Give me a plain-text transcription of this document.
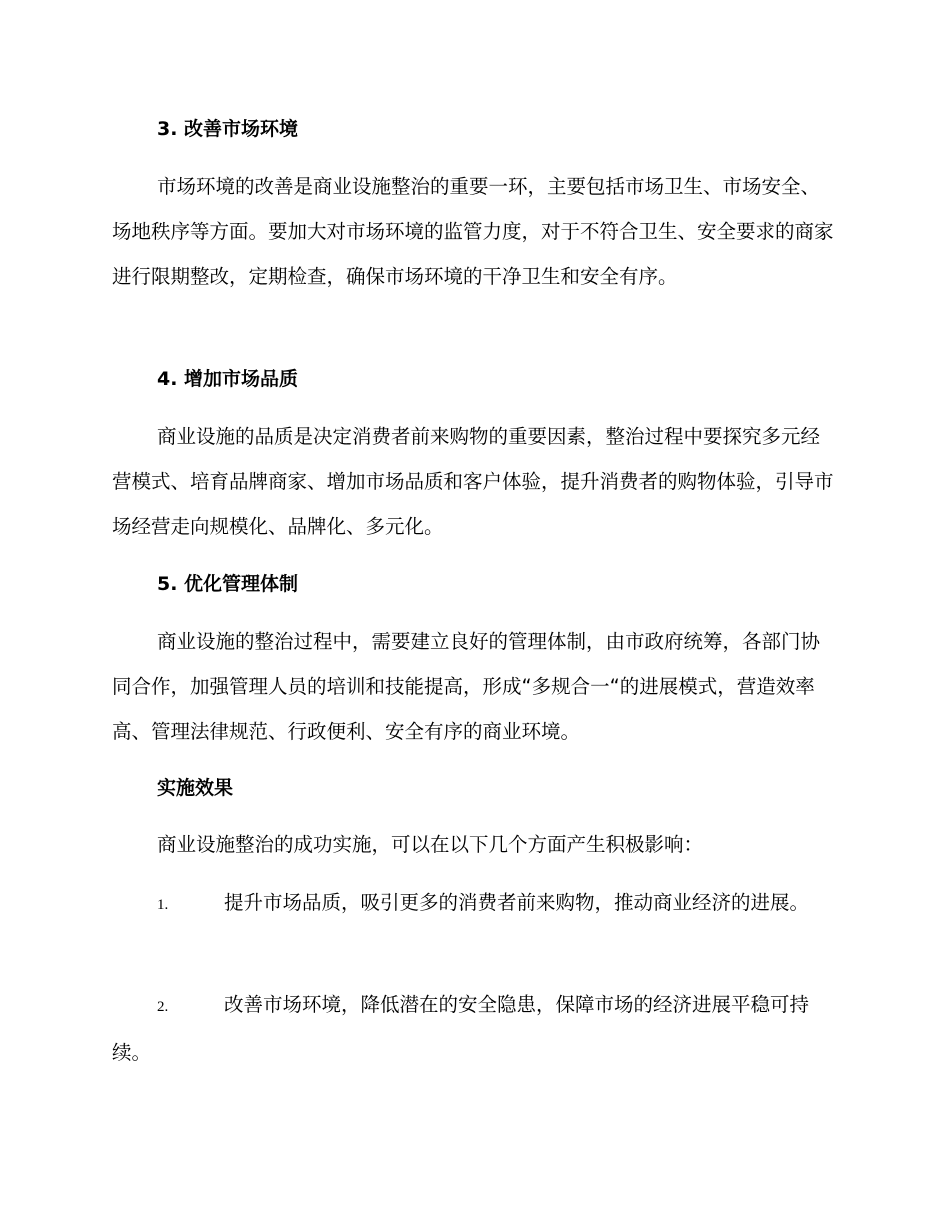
3. 改善市场环境

市场环境的改善是商业设施整治的重要一环，主要包括市场卫生、市场安全、场地秩序等方面。要加大对市场环境的监管力度，对于不符合卫生、安全要求的商家进行限期整改，定期检查，确保市场环境的干净卫生和安全有序。

4. 增加市场品质

商业设施的品质是决定消费者前来购物的重要因素，整治过程中要探究多元经营模式、培育品牌商家、增加市场品质和客户体验，提升消费者的购物体验，引导市场经营走向规模化、品牌化、多元化。

5. 优化管理体制

商业设施的整治过程中，需要建立良好的管理体制，由市政府统筹，各部门协同合作，加强管理人员的培训和技能提高，形成“多规合一“的进展模式，营造效率高、管理法律规范、行政便利、安全有序的商业环境。

实施效果

商业设施整治的成功实施，可以在以下几个方面产生积极影响：

1.	提升市场品质，吸引更多的消费者前来购物，推动商业经济的进展。
2.	改善市场环境，降低潜在的安全隐患，保障市场的经济进展平稳可持续。
